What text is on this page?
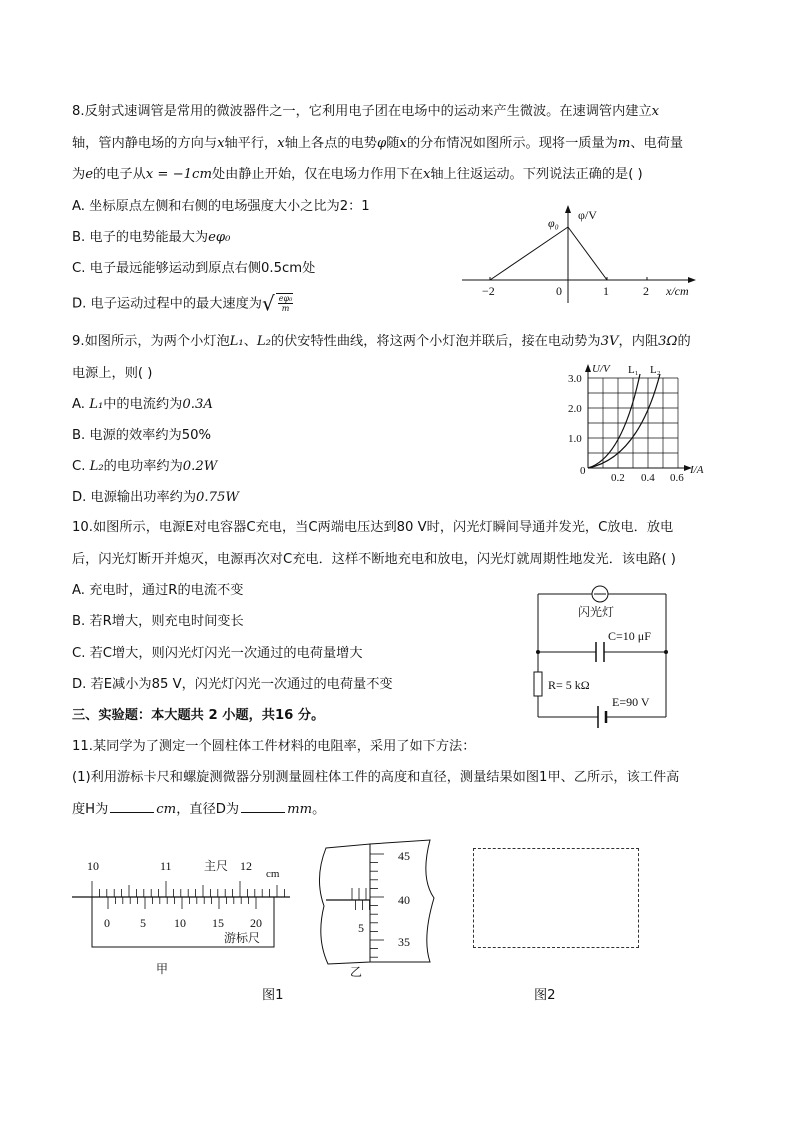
8.反射式速调管是常用的微波器件之一，它利用电子团在电场中的运动来产生微波。在速调管内建立x
轴，管内静电场的方向与x轴平行，x轴上各点的电势φ随x的分布情况如图所示。现将一质量为m、电荷量
为e的电子从x = −1cm处由静止开始，仅在电场力作用下在x轴上往返运动。下列说法正确的是( )
A. 坐标原点左侧和右侧的电场强度大小之比为2：1
B. 电子的电势能最大为eφ₀
C. 电子最远能够运动到原点右侧0.5cm处
D. 电子运动过程中的最大速度为√ $\frac{\text{eφ₀}}{m}$
φ₀
φ/V
−2	0	1	2 x/cm
9.如图所示，为两个小灯泡L₁、L₂的伏安特性曲线，将这两个小灯泡并联后，接在电动势为3V，内阻3Ω的
电源上，则( )
A. L₁中的电流约为0.3A
B. 电源的效率约为50%
C. L₂的电功率约为0.2W
D. 电源输出功率约为0.75W
U/V L₁ L₂
3.0
2.0
1.0
0
0.2 0.4 0.6
I/A
10.如图所示，电源E对电容器C充电，当C两端电压达到80 V时，闪光灯瞬间导通并发光，C放电．放电
后，闪光灯断开并熄灭，电源再次对C充电．这样不断地充电和放电，闪光灯就周期性地发光．该电路( )
A. 充电时，通过R的电流不变
B. 若R增大，则充电时间变长
C. 若C增大，则闪光灯闪光一次通过的电荷量增大
D. 若E减小为85 V，闪光灯闪光一次通过的电荷量不变
闪光灯
C=10 μF
R= 5 kΩ
E=90 V
三、实验题：本大题共 2 小题，共16 分。
11.某同学为了测定一个圆柱体工件材料的电阻率，采用了如下方法：
(1)利用游标卡尺和螺旋测微器分别测量圆柱体工件的高度和直径，测量结果如图1甲、乙所示，该工件高
度H为	cm，直径D为	mm。
10	11	主尺 12
cm
0	5 10 15 20
游标尺
甲
45
40
35
5
乙
图1	图2
